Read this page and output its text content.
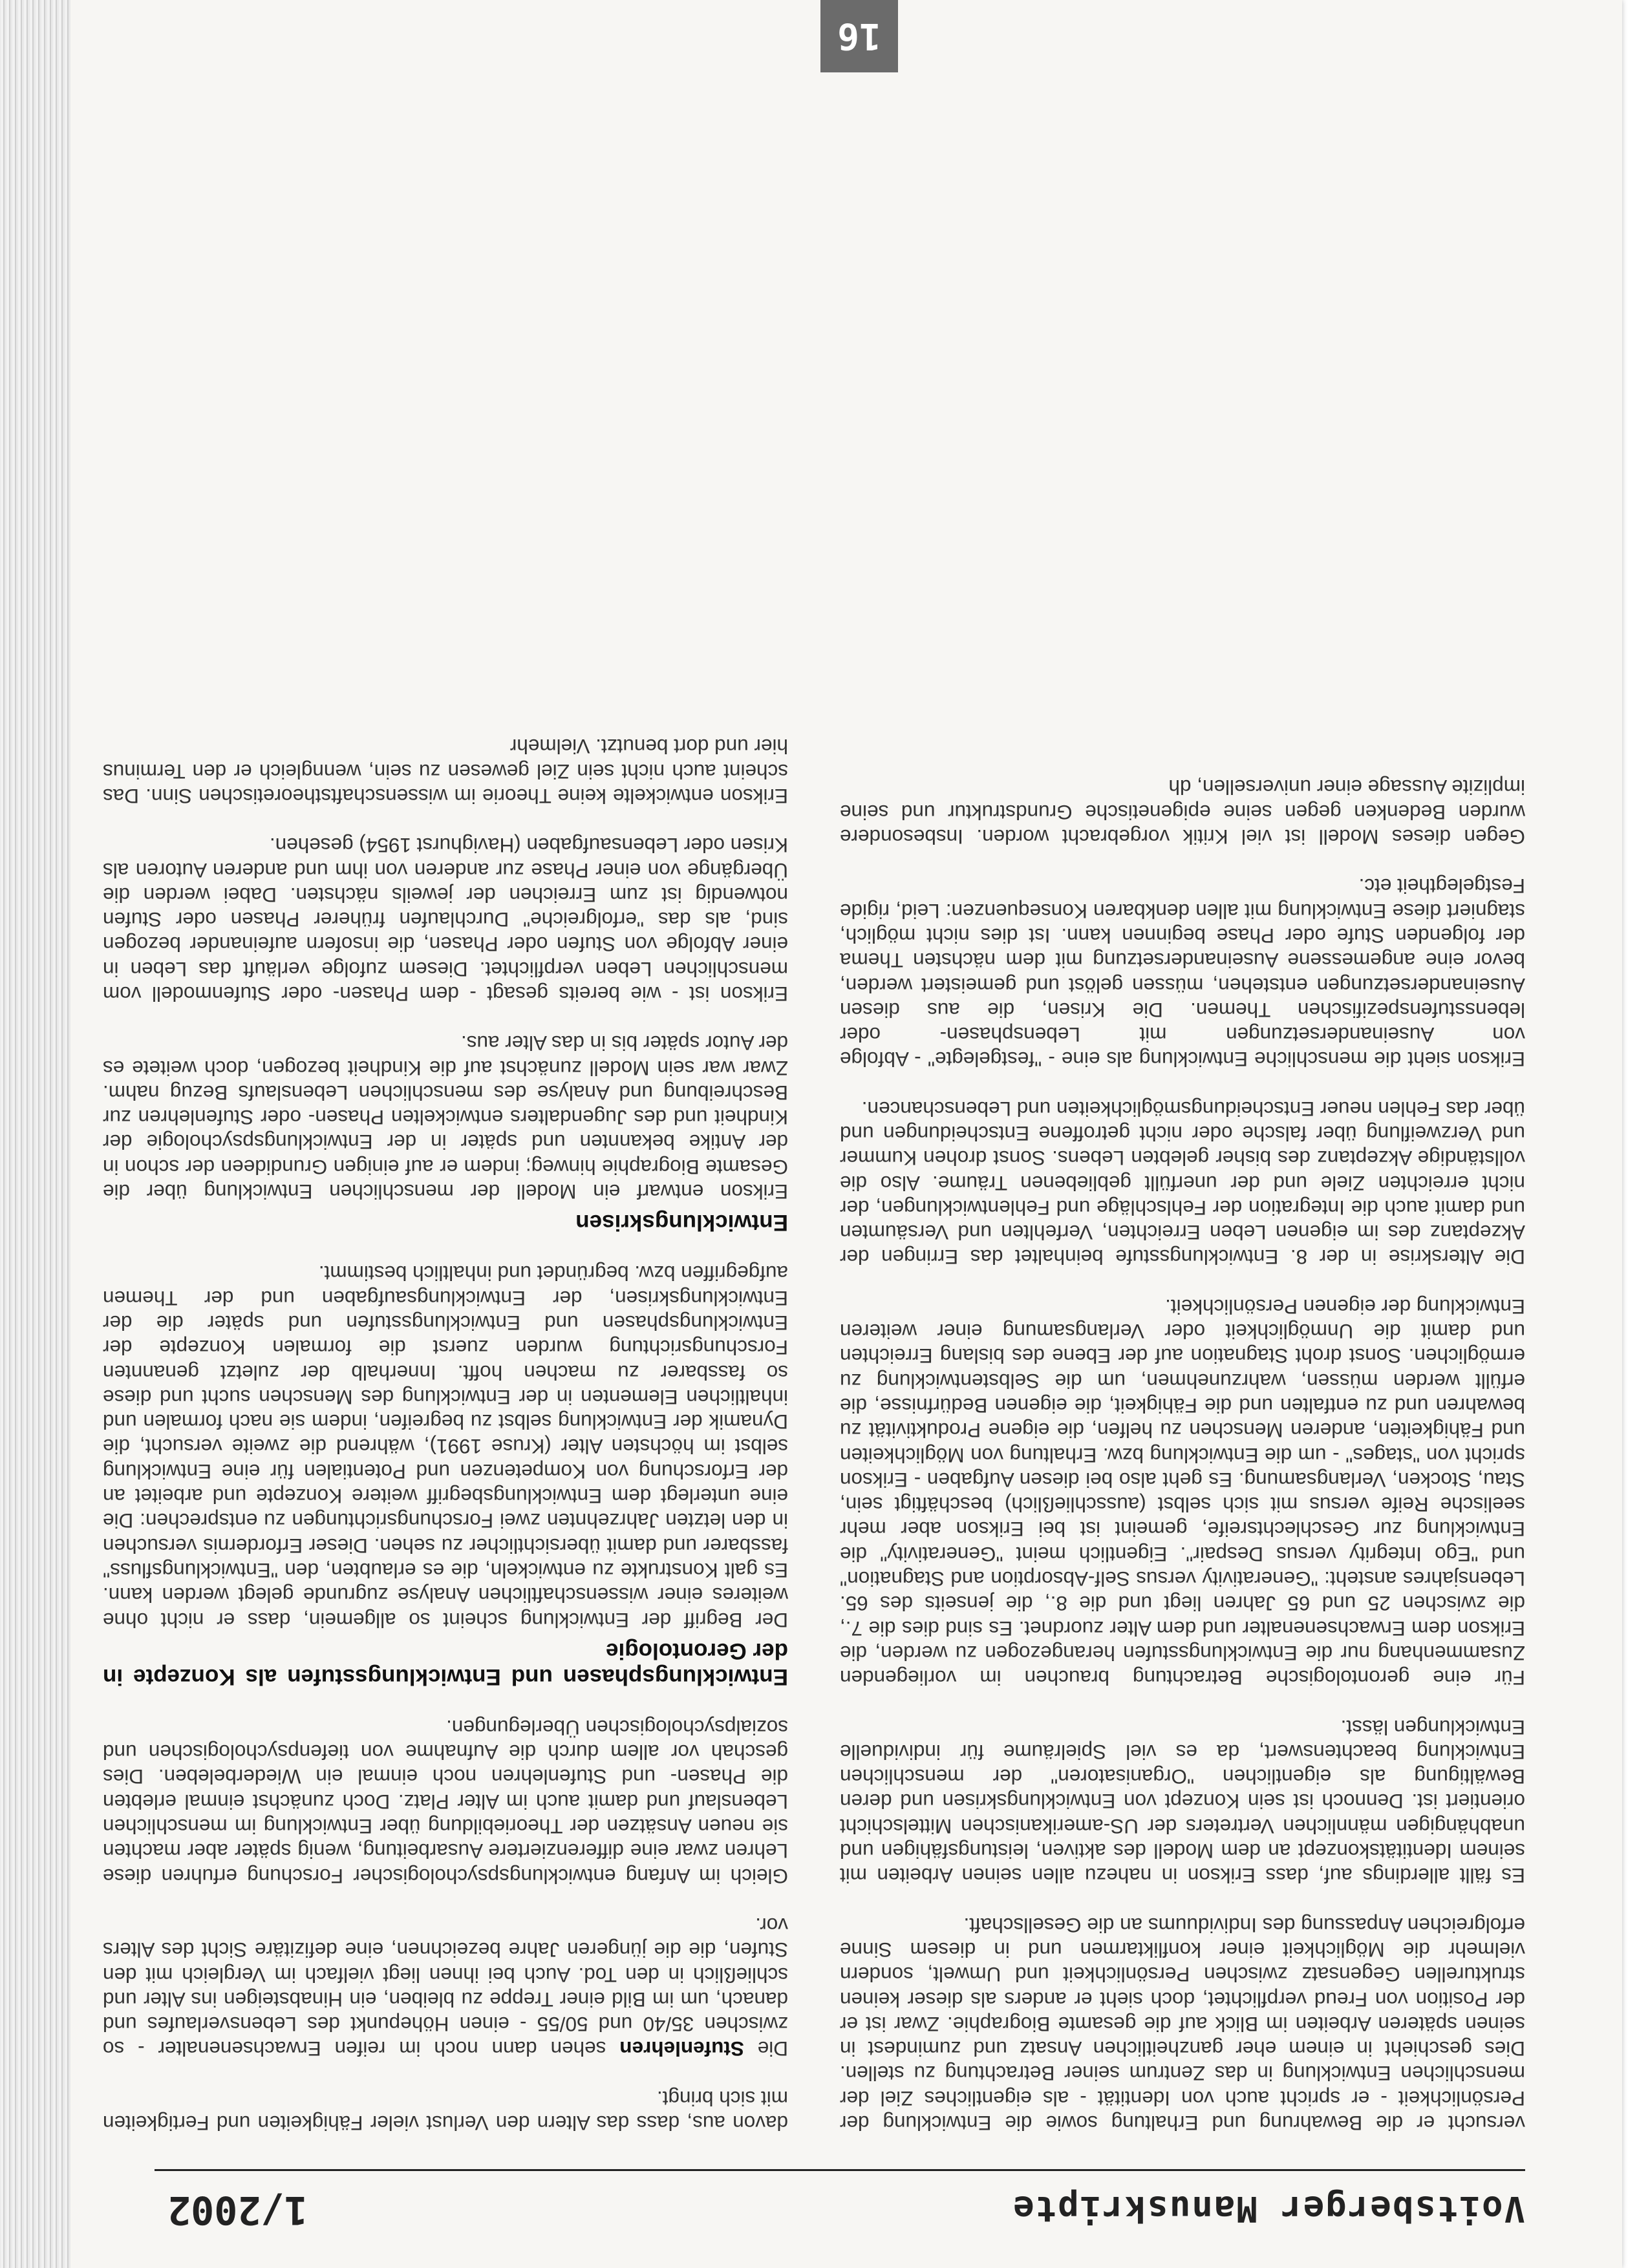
Voitsberger Manuskripte
1/2002

versucht er die Bewahrung und Erhaltung sowie die Entwicklung der Persönlichkeit - er spricht auch von Identität - als eigentliches Ziel der menschlichen Entwicklung in das Zentrum seiner Betrachtung zu stellen. Dies geschieht in einem eher ganzheitlichen Ansatz und zumindest in seinen späteren Arbeiten im Blick auf die gesamte Biographie. Zwar ist er der Position von Freud verpflichtet, doch sieht er anders als dieser keinen strukturellen Gegensatz zwischen Persönlichkeit und Umwelt, sondern vielmehr die Möglichkeit einer konfliktarmen und in diesem Sinne erfolgreichen Anpassung des Individuums an die Gesellschaft.

Es fällt allerdings auf, dass Erikson in nahezu allen seinen Arbeiten mit seinem Identitätskonzept an dem Modell des aktiven, leistungsfähigen und unabhängigen männlichen Vertreters der US-amerikanischen Mittelschicht orientiert ist. Dennoch ist sein Konzept von Entwicklungskrisen und deren Bewältigung als eigentlichen "Organisatoren" der menschlichen Entwicklung beachtenswert, da es viel Spielräume für individuelle Entwicklungen lässt.

Für eine gerontologische Betrachtung brauchen im vorliegenden Zusammenhang nur die Entwicklungsstufen herangezogen zu werden, die Erikson dem Erwachsenenalter und dem Alter zuordnet. Es sind dies die 7., die zwischen 25 und 65 Jahren liegt und die 8., die jenseits des 65. Lebensjahres ansteht: "Generativity versus Self-Absorption and Stagnation" und "Ego Integrity versus Despair". Eigentlich meint "Generativity" die Entwicklung zur Geschlechtsreife, gemeint ist bei Erikson aber mehr seelische Reife versus mit sich selbst (ausschließlich) beschäftigt sein, Stau, Stocken, Verlangsamung. Es geht also bei diesen Aufgaben - Erikson spricht von "stages" - um die Entwicklung bzw. Erhaltung von Möglichkeiten und Fähigkeiten, anderen Menschen zu helfen, die eigene Produktivität zu bewahren und zu entfalten und die Fähigkeit, die eigenen Bedürfnisse, die erfüllt werden müssen, wahrzunehmen, um die Selbstentwicklung zu ermöglichen. Sonst droht Stagnation auf der Ebene des bislang Erreichten und damit die Unmöglichkeit oder Verlangsamung einer weiteren Entwicklung der eigenen Persönlichkeit.

Die Alterskrise in der 8. Entwicklungsstufe beinhaltet das Erringen der Akzeptanz des im eigenen Leben Erreichten, Verfehlten und Versäumten und damit auch die Integration der Fehlschläge und Fehlentwicklungen, der nicht erreichten Ziele und der unerfüllt gebliebenen Träume. Also die vollständige Akzeptanz des bisher gelebten Lebens. Sonst drohen Kummer und Verzweiflung über falsche oder nicht getroffene Entscheidungen und über das Fehlen neuer Entscheidungsmöglichkeiten und Lebenschancen.

Erikson sieht die menschliche Entwicklung als eine - "festgelegte" - Abfolge von Auseinandersetzungen mit Lebensphasen- oder lebensstufenspezifischen Themen. Die Krisen, die aus diesen Auseinandersetzungen entstehen, müssen gelöst und gemeistert werden, bevor eine angemessene Auseinandersetzung mit dem nächsten Thema der folgenden Stufe oder Phase beginnen kann. Ist dies nicht möglich, stagniert diese Entwicklung mit allen denkbaren Konsequenzen: Leid, rigide Festgelegtheit etc.

Gegen dieses Modell ist viel Kritik vorgebracht worden. Insbesondere wurden Bedenken gegen seine epigenetische Grundstruktur und seine implizite Aussage einer universellen, dh

davon aus, dass das Altern den Verlust vieler Fähigkeiten und Fertigkeiten mit sich bringt.

Die Stufenlehren sehen dann noch im reifen Erwachsenenalter - so zwischen 35/40 und 50/55 - einen Höhepunkt des Lebensverlaufes und danach, um im Bild einer Treppe zu bleiben, ein Hinabsteigen ins Alter und schließlich in den Tod. Auch bei ihnen liegt vielfach im Vergleich mit den Stufen, die die jüngeren Jahre bezeichnen, eine defizitäre Sicht des Alters vor.

Gleich im Anfang entwicklungspsychologischer Forschung erfuhren diese Lehren zwar eine differenziertere Ausarbeitung, wenig später aber machten sie neuen Ansätzen der Theoriebildung über Entwicklung im menschlichen Lebenslauf und damit auch im Alter Platz. Doch zunächst einmal erlebten die Phasen- und Stufenlehren noch einmal ein Wiederbeleben. Dies geschah vor allem durch die Aufnahme von tiefenpsychologischen und sozialpsychologischen Überlegungen.

Entwicklungsphasen und Entwicklungsstufen als Konzepte in der Gerontologie

Der Begriff der Entwicklung scheint so allgemein, dass er nicht ohne weiteres einer wissenschaftlichen Analyse zugrunde gelegt werden kann. Es galt Konstrukte zu entwickeln, die es erlaubten, den "Entwicklungsfluss" fassbarer und damit übersichtlicher zu sehen. Dieser Erfordernis versuchen in den letzten Jahrzehnten zwei Forschungsrichtungen zu entsprechen: Die eine unterlegt dem Entwicklungsbegriff weitere Konzepte und arbeitet an der Erforschung von Kompetenzen und Potentialen für eine Entwicklung selbst im höchsten Alter (Kruse 1991), während die zweite versucht, die Dynamik der Entwicklung selbst zu begreifen, indem sie nach formalen und inhaltlichen Elementen in der Entwicklung des Menschen sucht und diese so fassbarer zu machen hofft. Innerhalb der zuletzt genannten Forschungsrichtung wurden zuerst die formalen Konzepte der Entwicklungsphasen und Entwicklungsstufen und später die der Entwicklungskrisen, der Entwicklungsaufgaben und der Themen aufgegriffen bzw. begründet und inhaltlich bestimmt.

Entwicklungskrisen

Erikson entwarf ein Modell der menschlichen Entwicklung über die Gesamte Biographie hinweg; indem er auf einigen Grundideen der schon in der Antike bekannten und später in der Entwicklungspsychologie der Kindheit und des Jugendalters entwickelten Phasen- oder Stufenlehren zur Beschreibung und Analyse des menschlichen Lebenslaufs Bezug nahm. Zwar war sein Modell zunächst auf die Kindheit bezogen, doch weitete es der Autor später bis in das Alter aus.

Erikson ist - wie bereits gesagt - dem Phasen- oder Stufenmodell vom menschlichen Leben verpflichtet. Diesem zufolge verläuft das Leben in einer Abfolge von Stufen oder Phasen, die insofern aufeinander bezogen sind, als das "erfolgreiche" Durchlaufen früherer Phasen oder Stufen notwendig ist zum Erreichen der jeweils nächsten. Dabei werden die Übergänge von einer Phase zur anderen von ihm und anderen Autoren als Krisen oder Lebensaufgaben (Havighurst 1954) gesehen.

Erikson entwickelte keine Theorie im wissenschaftstheoretischen Sinn. Das scheint auch nicht sein Ziel gewesen zu sein, wenngleich er den Terminus hier und dort benutzt. Vielmehr

16
